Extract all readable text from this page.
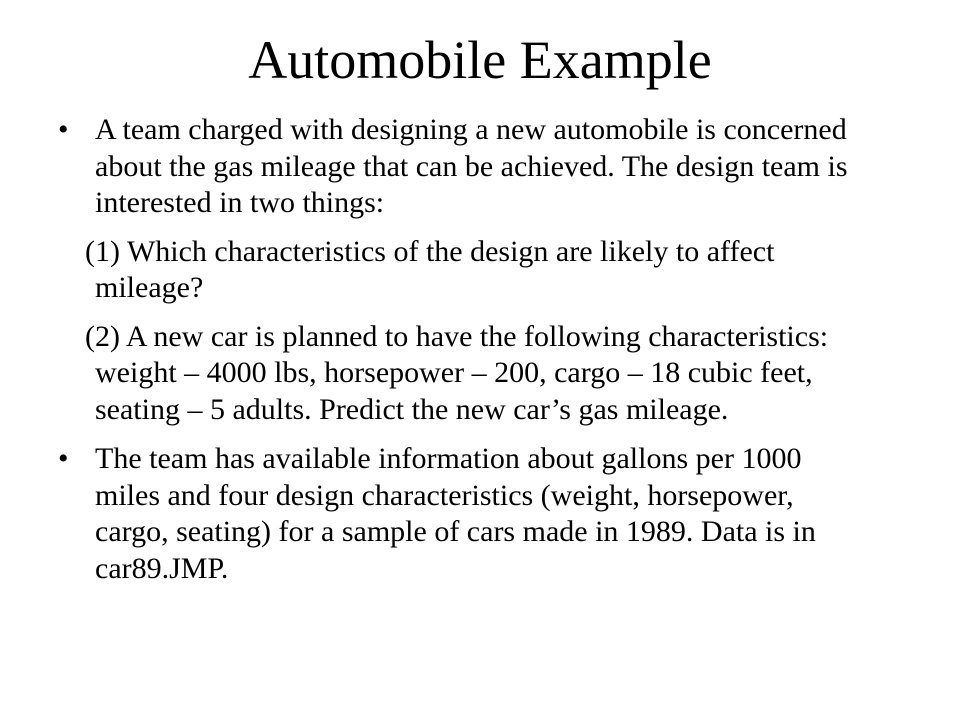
Automobile Example
• A team charged with designing a new automobile is concerned about the gas mileage that can be achieved. The design team is interested in two things:
(1) Which characteristics of the design are likely to affect mileage?
(2) A new car is planned to have the following characteristics: weight – 4000 lbs, horsepower – 200, cargo – 18 cubic feet, seating – 5 adults. Predict the new car’s gas mileage.
• The team has available information about gallons per 1000 miles and four design characteristics (weight, horsepower, cargo, seating) for a sample of cars made in 1989. Data is in car89.JMP.
